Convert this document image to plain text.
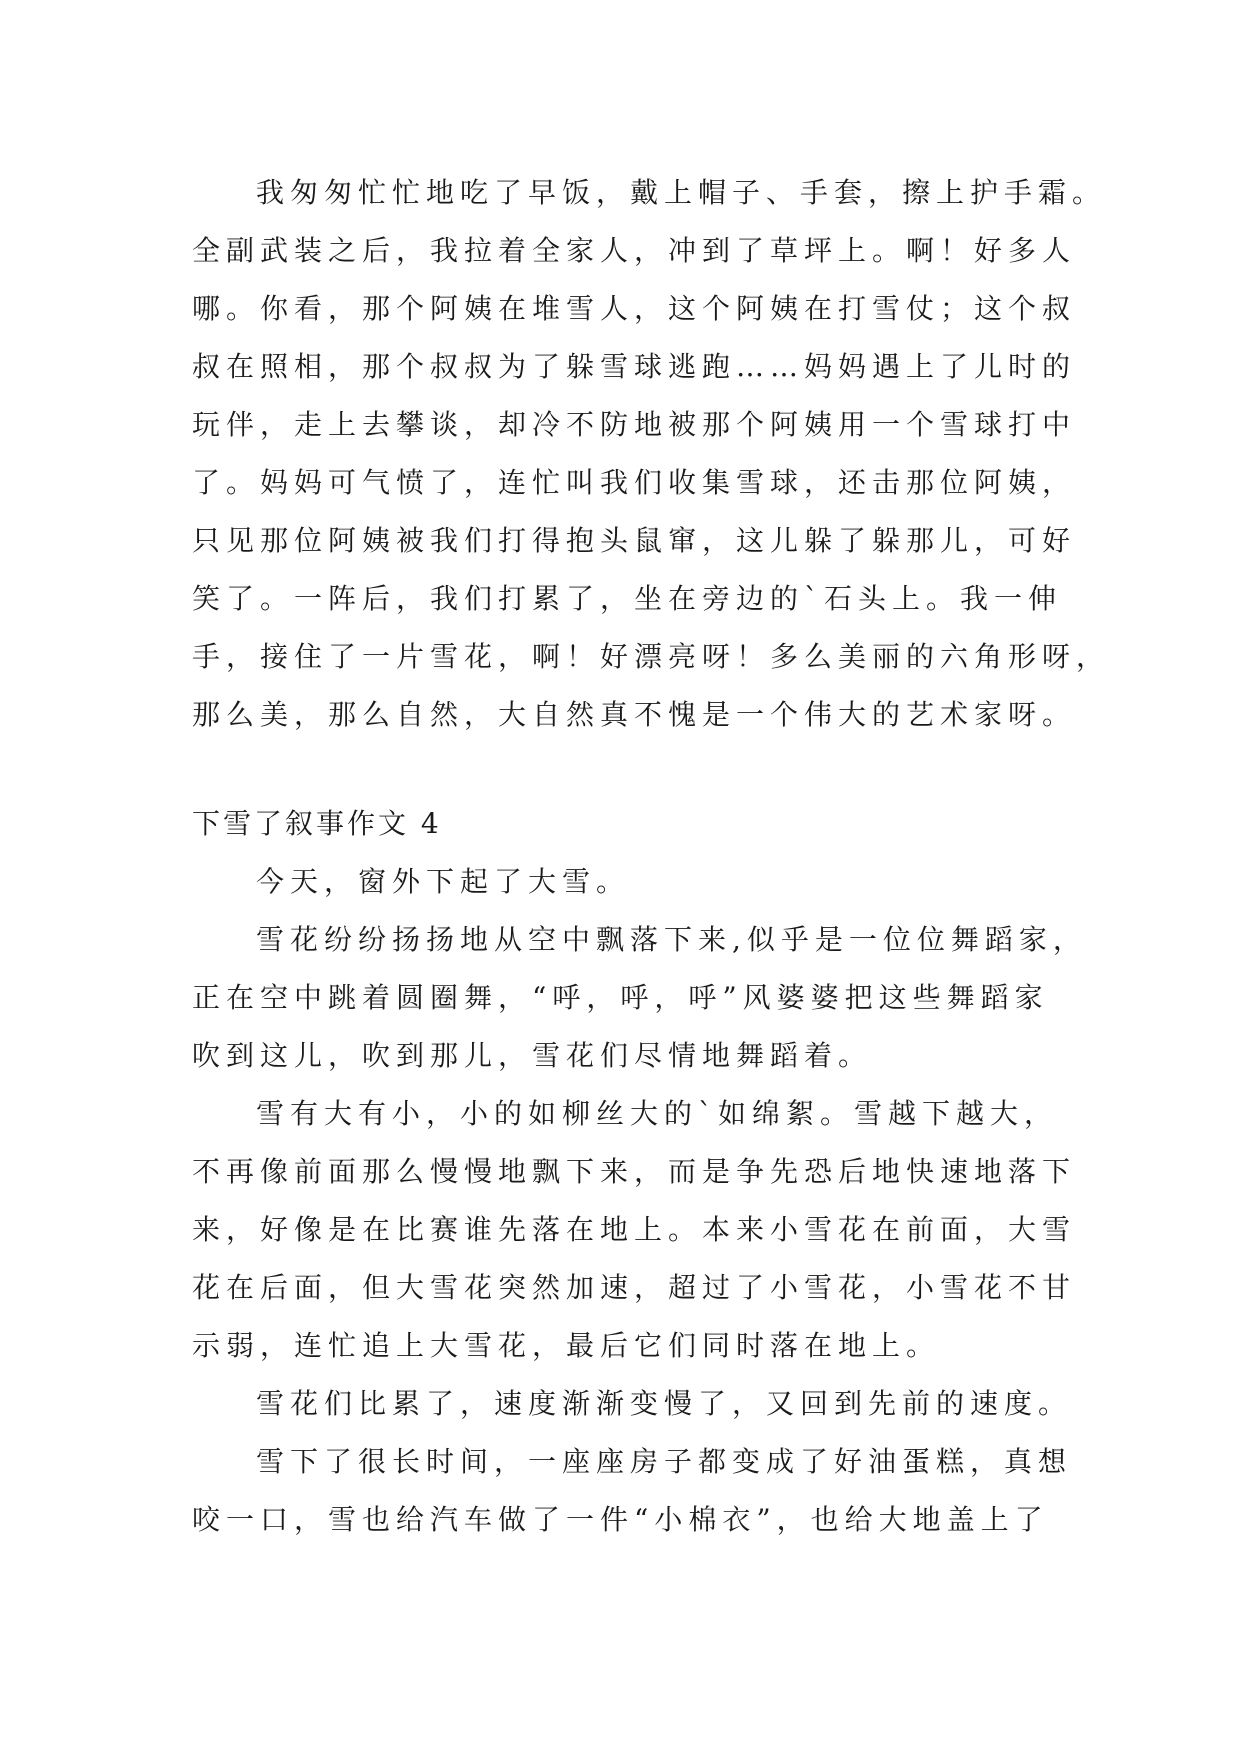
我匆匆忙忙地吃了早饭，戴上帽子、手套，擦上护手霜。
全副武装之后，我拉着全家人，冲到了草坪上。啊！好多人
哪。你看，那个阿姨在堆雪人，这个阿姨在打雪仗；这个叔
叔在照相，那个叔叔为了躲雪球逃跑……妈妈遇上了儿时的
玩伴，走上去攀谈，却冷不防地被那个阿姨用一个雪球打中
了。妈妈可气愤了，连忙叫我们收集雪球，还击那位阿姨，
只见那位阿姨被我们打得抱头鼠窜，这儿躲了躲那儿，可好
笑了。一阵后，我们打累了，坐在旁边的`石头上。我一伸
手，接住了一片雪花，啊！好漂亮呀！多么美丽的六角形呀，
那么美，那么自然，大自然真不愧是一个伟大的艺术家呀。
下雪了叙事作文 4
今天，窗外下起了大雪。
雪花纷纷扬扬地从空中飘落下来,似乎是一位位舞蹈家，
正在空中跳着圆圈舞，“呼，呼，呼”风婆婆把这些舞蹈家
吹到这儿，吹到那儿，雪花们尽情地舞蹈着。
雪有大有小，小的如柳丝大的`如绵絮。雪越下越大，
不再像前面那么慢慢地飘下来，而是争先恐后地快速地落下
来，好像是在比赛谁先落在地上。本来小雪花在前面，大雪
花在后面，但大雪花突然加速，超过了小雪花，小雪花不甘
示弱，连忙追上大雪花，最后它们同时落在地上。
雪花们比累了，速度渐渐变慢了，又回到先前的速度。
雪下了很长时间，一座座房子都变成了好油蛋糕，真想
咬一口，雪也给汽车做了一件“小棉衣”，也给大地盖上了
